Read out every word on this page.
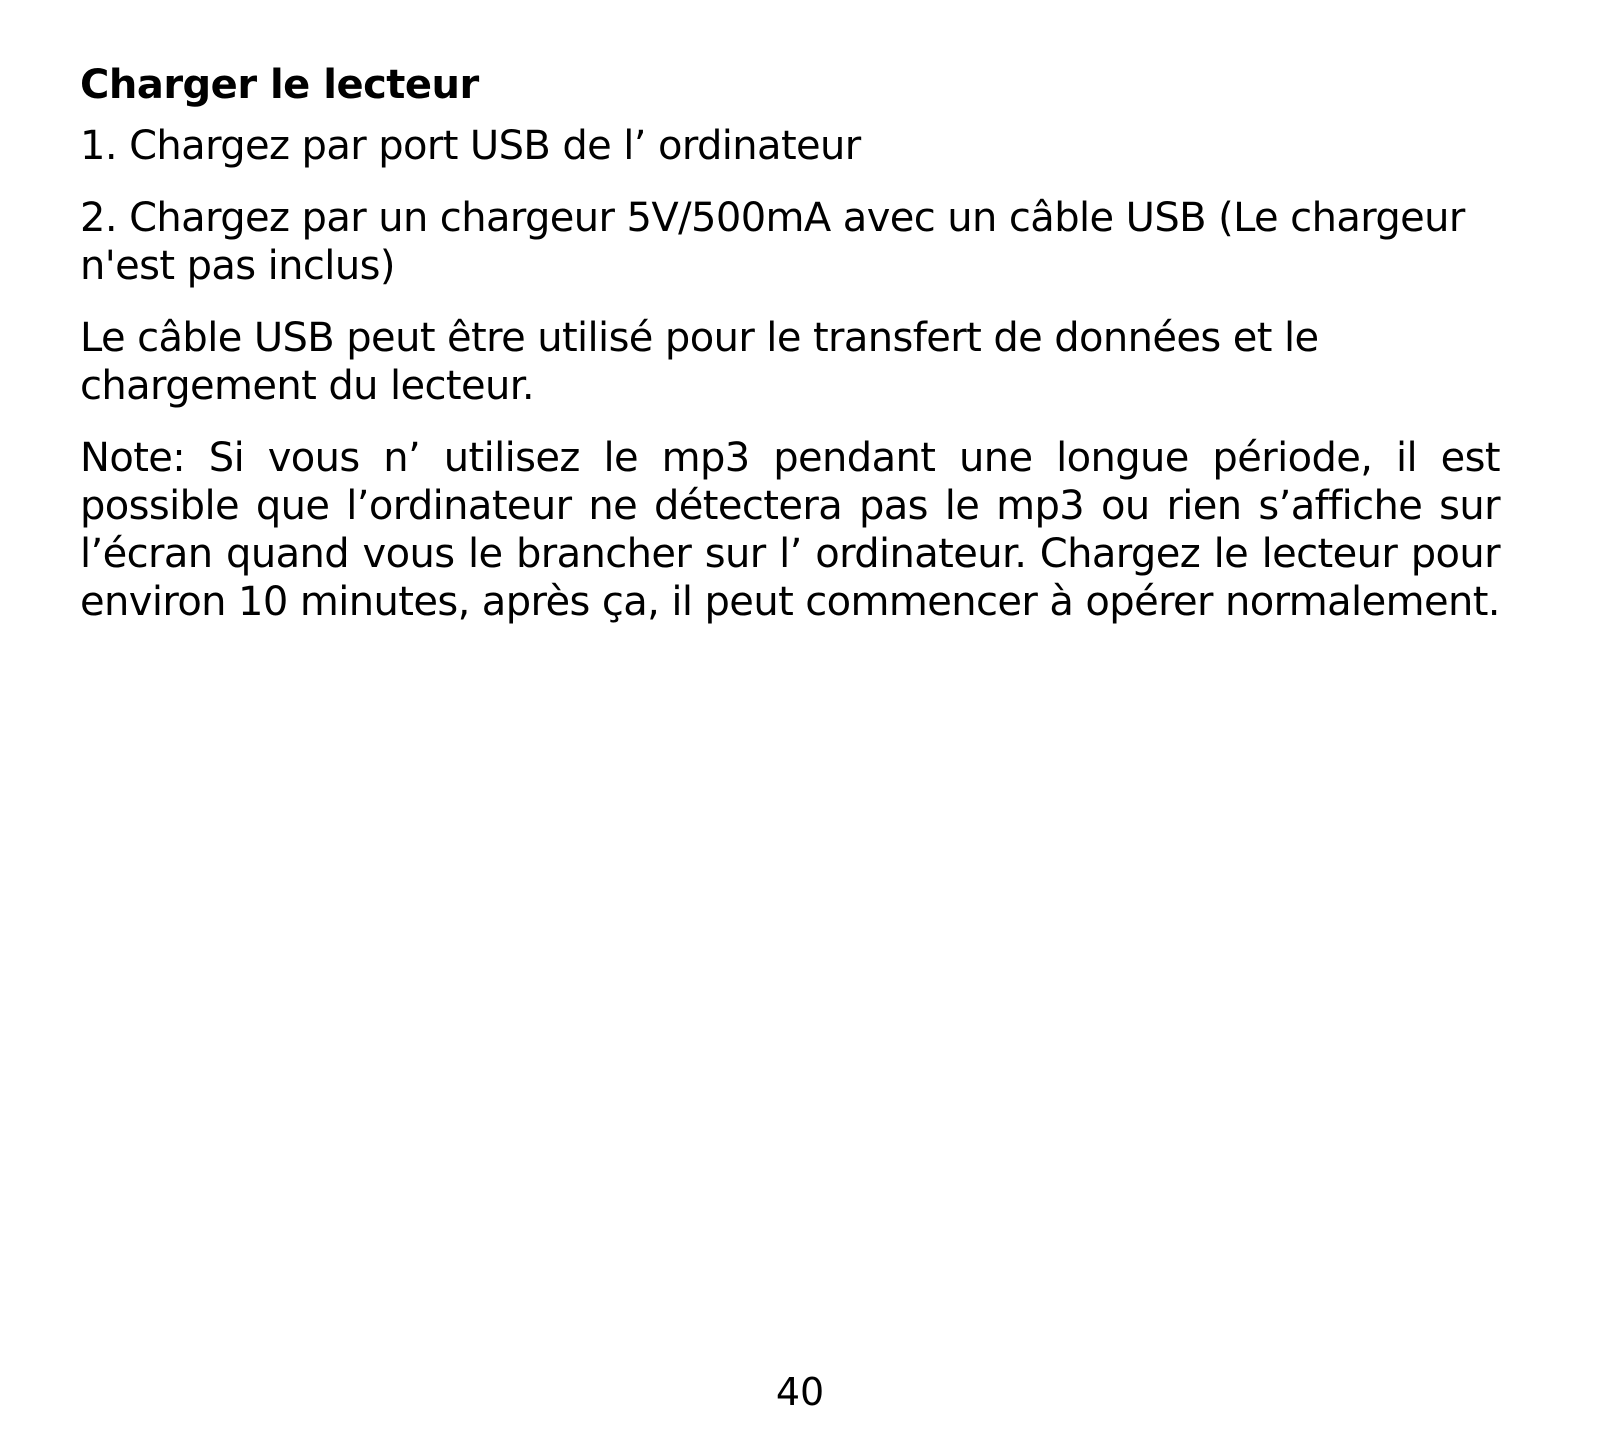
Charger le lecteur

1. Chargez par port USB de l’ ordinateur

2. Chargez par un chargeur 5V/500mA avec un câble USB (Le chargeur n'est pas inclus)

Le câble USB peut être utilisé pour le transfert de données et le chargement du lecteur.

Note: Si vous n’ utilisez le mp3 pendant une longue période, il est possible que l’ordinateur ne détectera pas le mp3 ou rien s’affiche sur l’écran quand vous le brancher sur l’ ordinateur. Chargez le lecteur pour environ 10 minutes, après ça, il peut commencer à opérer normalement.

40
